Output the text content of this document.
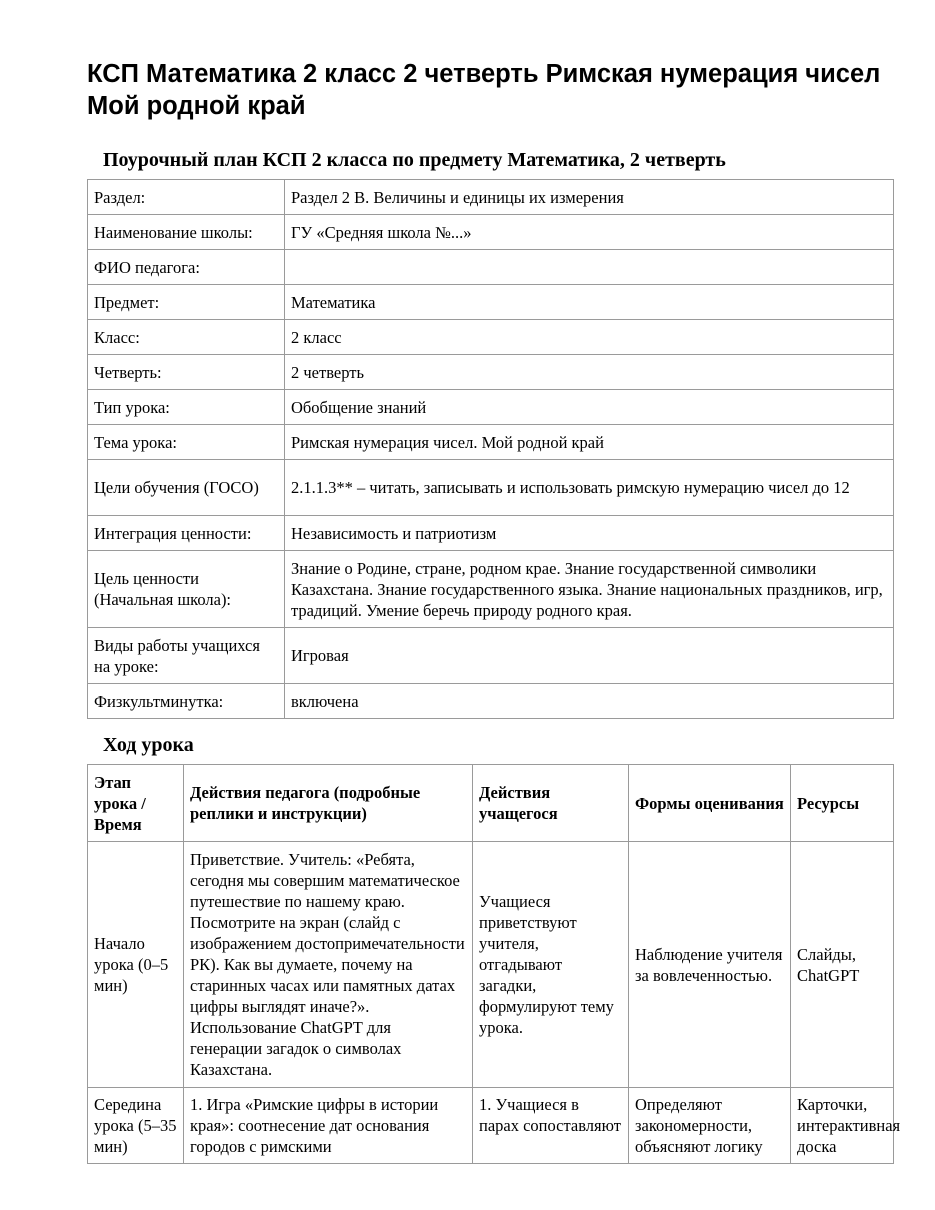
КСП Математика 2 класс 2 четверть Римская нумерация чисел Мой родной край
Поурочный план КСП 2 класса по предмету Математика, 2 четверть
Раздел:	Раздел 2 В. Величины и единицы их измерения
Наименование школы:	ГУ «Средняя школа №...»
ФИО педагога:	
Предмет:	Математика
Класс:	2 класс
Четверть:	2 четверть
Тип урока:	Обобщение знаний
Тема урока:	Римская нумерация чисел. Мой родной край
Цели обучения (ГОСО)	2.1.1.3** – читать, записывать и использовать римскую нумерацию чисел до 12
Интеграция ценности:	Независимость и патриотизм
Цель ценности (Начальная школа):	Знание о Родине, стране, родном крае. Знание государственной символики Казахстана. Знание государственного языка. Знание национальных праздников, игр, традиций. Умение беречь природу родного края.
Виды работы учащихся на уроке:	Игровая
Физкультминутка:	включена
Ход урока
Этап урока / Время	Действия педагога (подробные реплики и инструкции)	Действия учащегося	Формы оценивания	Ресурсы
Начало урока (0–5 мин)	Приветствие. Учитель: «Ребята, сегодня мы совершим математическое путешествие по нашему краю. Посмотрите на экран (слайд с изображением достопримечательности РК). Как вы думаете, почему на старинных часах или памятных датах цифры выглядят иначе?». Использование ChatGPT для генерации загадок о символах Казахстана.	Учащиеся приветствуют учителя, отгадывают загадки, формулируют тему урока.	Наблюдение учителя за вовлеченностью.	Слайды, ChatGPT
Середина урока (5–35 мин)	1. Игра «Римские цифры в истории края»: соотнесение дат основания городов с римскими	1. Учащиеся в парах сопоставляют	Определяют закономерности, объясняют логику	Карточки, интерактивная доска
